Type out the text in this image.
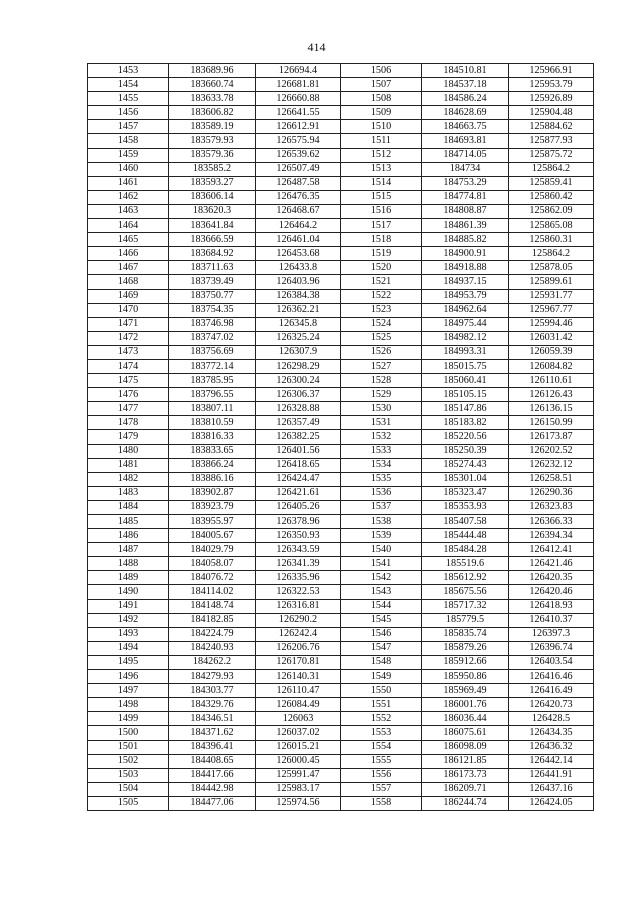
414
1453	183689.96	126694.4	1506	184510.81	125966.91
1454	183660.74	126681.81	1507	184537.18	125953.79
1455	183633.78	126660.88	1508	184586.24	125926.89
1456	183606.82	126641.55	1509	184628.69	125904.48
1457	183589.19	126612.91	1510	184663.75	125884.62
1458	183579.93	126575.94	1511	184693.81	125877.93
1459	183579.36	126539.62	1512	184714.05	125875.72
1460	183585.2	126507.49	1513	184734	125864.2
1461	183593.27	126487.58	1514	184753.29	125859.41
1462	183606.14	126476.35	1515	184774.81	125860.42
1463	183620.3	126468.67	1516	184808.87	125862.09
1464	183641.84	126464.2	1517	184861.39	125865.08
1465	183666.59	126461.04	1518	184885.82	125860.31
1466	183684.92	126453.68	1519	184900.91	125864.2
1467	183711.63	126433.8	1520	184918.88	125878.05
1468	183739.49	126403.96	1521	184937.15	125899.61
1469	183750.77	126384.38	1522	184953.79	125931.77
1470	183754.35	126362.21	1523	184962.64	125967.77
1471	183746.98	126345.8	1524	184975.44	125994.46
1472	183747.02	126325.24	1525	184982.12	126031.42
1473	183756.69	126307.9	1526	184993.31	126059.39
1474	183772.14	126298.29	1527	185015.75	126084.82
1475	183785.95	126300.24	1528	185060.41	126110.61
1476	183796.55	126306.37	1529	185105.15	126126.43
1477	183807.11	126328.88	1530	185147.86	126136.15
1478	183810.59	126357.49	1531	185183.82	126150.99
1479	183816.33	126382.25	1532	185220.56	126173.87
1480	183833.65	126401.56	1533	185250.39	126202.52
1481	183866.24	126418.65	1534	185274.43	126232.12
1482	183886.16	126424.47	1535	185301.04	126258.51
1483	183902.87	126421.61	1536	185323.47	126290.36
1484	183923.79	126405.26	1537	185353.93	126323.83
1485	183955.97	126378.96	1538	185407.58	126366.33
1486	184005.67	126350.93	1539	185444.48	126394.34
1487	184029.79	126343.59	1540	185484.28	126412.41
1488	184058.07	126341.39	1541	185519.6	126421.46
1489	184076.72	126335.96	1542	185612.92	126420.35
1490	184114.02	126322.53	1543	185675.56	126420.46
1491	184148.74	126316.81	1544	185717.32	126418.93
1492	184182.85	126290.2	1545	185779.5	126410.37
1493	184224.79	126242.4	1546	185835.74	126397.3
1494	184240.93	126206.76	1547	185879.26	126396.74
1495	184262.2	126170.81	1548	185912.66	126403.54
1496	184279.93	126140.31	1549	185950.86	126416.46
1497	184303.77	126110.47	1550	185969.49	126416.49
1498	184329.76	126084.49	1551	186001.76	126420.73
1499	184346.51	126063	1552	186036.44	126428.5
1500	184371.62	126037.02	1553	186075.61	126434.35
1501	184396.41	126015.21	1554	186098.09	126436.32
1502	184408.65	126000.45	1555	186121.85	126442.14
1503	184417.66	125991.47	1556	186173.73	126441.91
1504	184442.98	125983.17	1557	186209.71	126437.16
1505	184477.06	125974.56	1558	186244.74	126424.05
